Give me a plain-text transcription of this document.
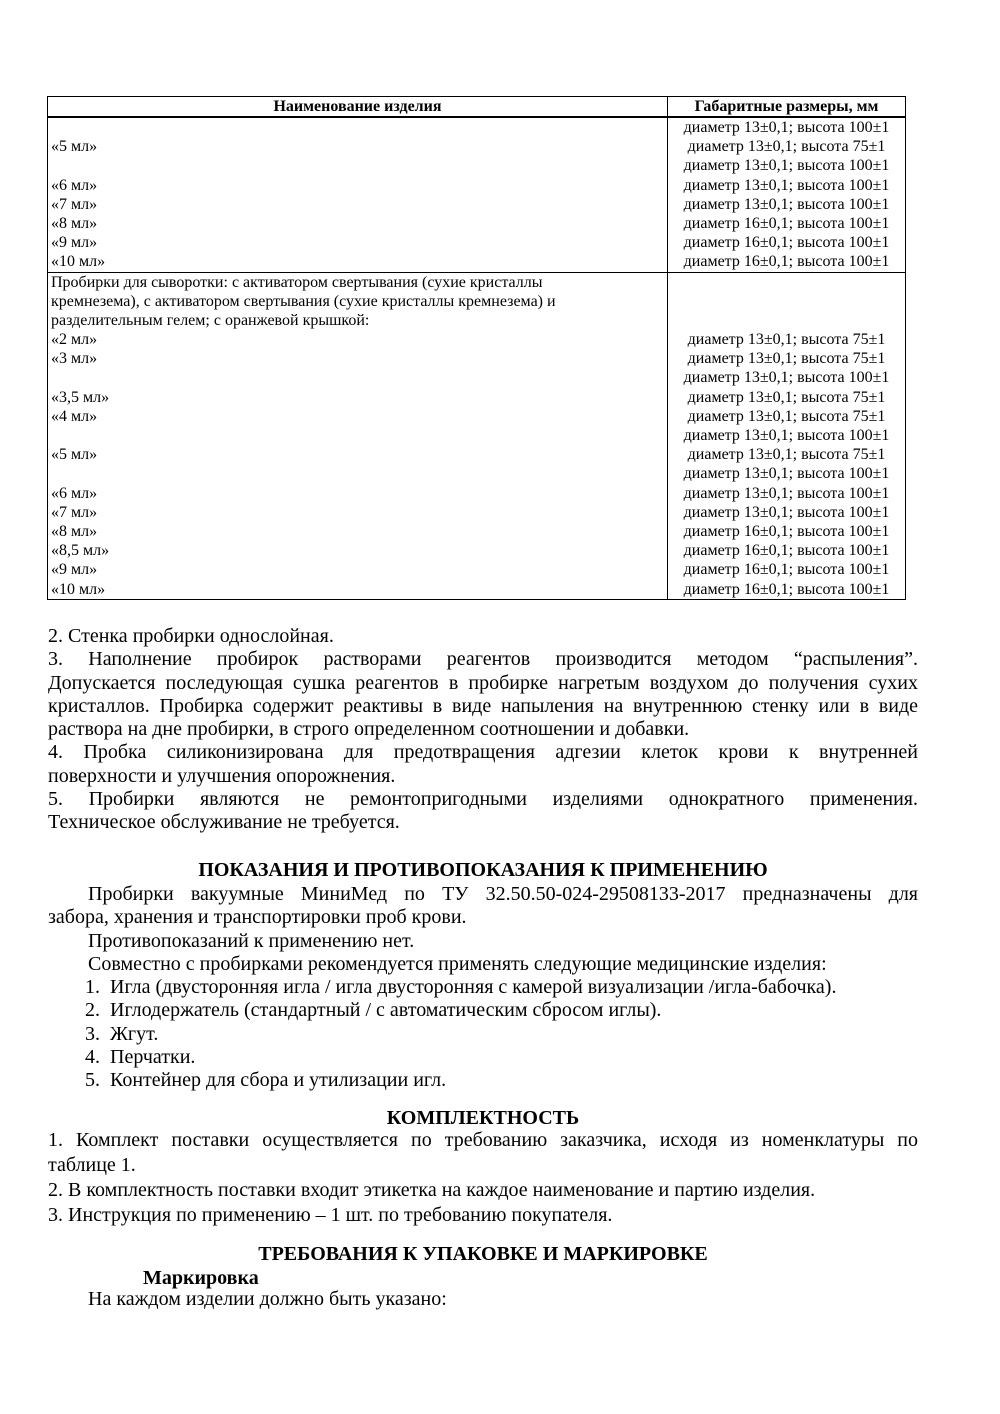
Наименование изделия	Габаритные размеры, мм
«5 мл»
«6 мл»
«7 мл»
«8 мл»
«9 мл»
«10 мл»
диаметр 13±0,1; высота 100±1
диаметр 13±0,1; высота 75±1
диаметр 13±0,1; высота 100±1
диаметр 13±0,1; высота 100±1
диаметр 13±0,1; высота 100±1
диаметр 16±0,1; высота 100±1
диаметр 16±0,1; высота 100±1
диаметр 16±0,1; высота 100±1
Пробирки для сыворотки: с активатором свертывания (сухие кристаллы
кремнезема), с активатором свертывания (сухие кристаллы кремнезема) и
разделительным гелем; с оранжевой крышкой:
«2 мл»
«3 мл»
«3,5 мл»
«4 мл»
«5 мл»
«6 мл»
«7 мл»
«8 мл»
«8,5 мл»
«9 мл»
«10 мл»
диаметр 13±0,1; высота 75±1
диаметр 13±0,1; высота 75±1
диаметр 13±0,1; высота 100±1
диаметр 13±0,1; высота 75±1
диаметр 13±0,1; высота 75±1
диаметр 13±0,1; высота 100±1
диаметр 13±0,1; высота 75±1
диаметр 13±0,1; высота 100±1
диаметр 13±0,1; высота 100±1
диаметр 13±0,1; высота 100±1
диаметр 16±0,1; высота 100±1
диаметр 16±0,1; высота 100±1
диаметр 16±0,1; высота 100±1
диаметр 16±0,1; высота 100±1
2. Стенка пробирки однослойная.
3. Наполнение пробирок растворами реагентов производится методом “распыления”.
Допускается последующая сушка реагентов в пробирке нагретым воздухом до получения сухих
кристаллов. Пробирка содержит реактивы в виде напыления на внутреннюю стенку или в виде
раствора на дне пробирки, в строго определенном соотношении и добавки.
4. Пробка силиконизирована для предотвращения адгезии клеток крови к внутренней
поверхности и улучшения опорожнения.
5. Пробирки являются не ремонтопригодными изделиями однократного применения.
Техническое обслуживание не требуется.
ПОКАЗАНИЯ И ПРОТИВОПОКАЗАНИЯ К ПРИМЕНЕНИЮ
Пробирки вакуумные МиниМед по ТУ 32.50.50-024-29508133-2017 предназначены для
забора, хранения и транспортировки проб крови.
Противопоказаний к применению нет.
Совместно с пробирками рекомендуется применять следующие медицинские изделия:
1.  Игла (двусторонняя игла / игла двусторонняя с камерой визуализации /игла-бабочка).
2.  Иглодержатель (стандартный / с автоматическим сбросом иглы).
3.  Жгут.
4.  Перчатки.
5.  Контейнер для сбора и утилизации игл.
КОМПЛЕКТНОСТЬ
1. Комплект поставки осуществляется по требованию заказчика, исходя из номенклатуры по
таблице 1.
2. В комплектность поставки входит этикетка на каждое наименование и партию изделия.
3. Инструкция по применению – 1 шт. по требованию покупателя.
ТРЕБОВАНИЯ К УПАКОВКЕ И МАРКИРОВКЕ
Маркировка
На каждом изделии должно быть указано:
